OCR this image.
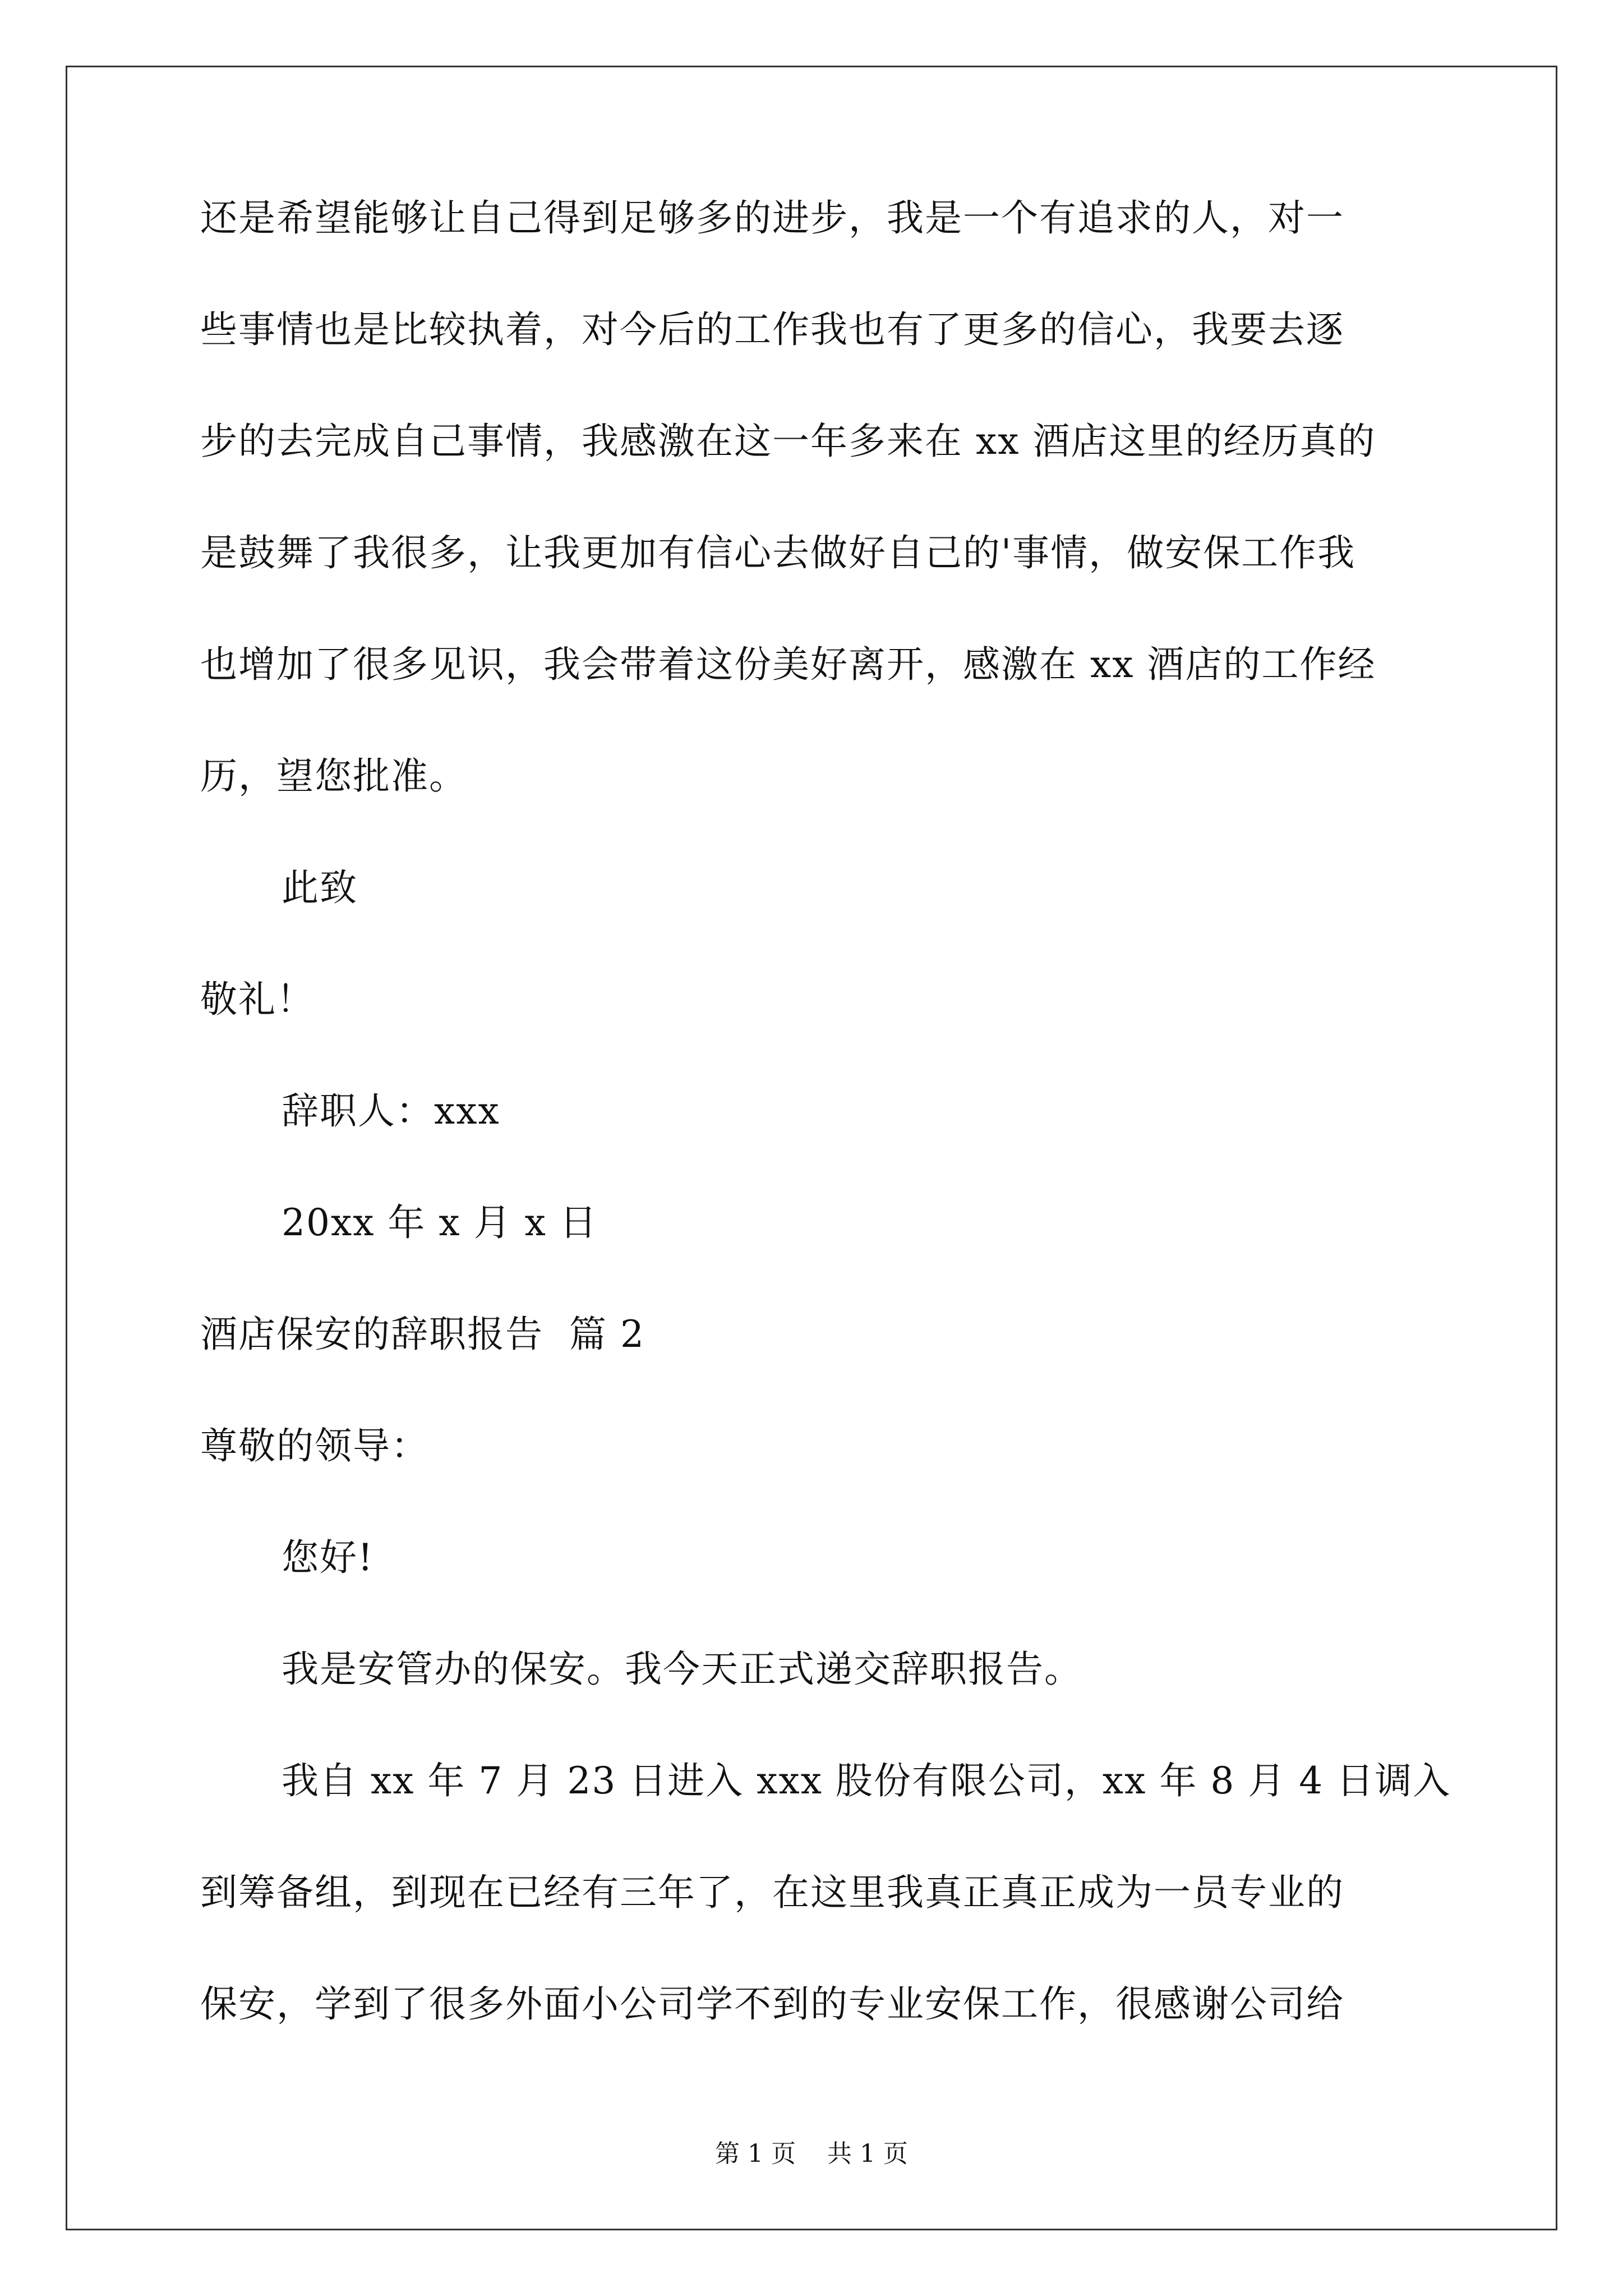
还是希望能够让自己得到足够多的进步，我是一个有追求的人，对一
些事情也是比较执着，对今后的工作我也有了更多的信心，我要去逐
步的去完成自己事情，我感激在这一年多来在 xx 酒店这里的经历真的
是鼓舞了我很多，让我更加有信心去做好自己的'事情，做安保工作我
也增加了很多见识，我会带着这份美好离开，感激在 xx 酒店的工作经
历，望您批准。
此致
敬礼！
辞职人：xxx
20xx 年 x 月 x 日
酒店保安的辞职报告  篇 2
尊敬的领导：
您好!
我是安管办的保安。我今天正式递交辞职报告。
我自 xx 年 7 月 23 日进入 xxx 股份有限公司，xx 年 8 月 4 日调入
到筹备组，到现在已经有三年了，在这里我真正真正成为一员专业的
保安，学到了很多外面小公司学不到的专业安保工作，很感谢公司给
第 1 页    共 1 页
